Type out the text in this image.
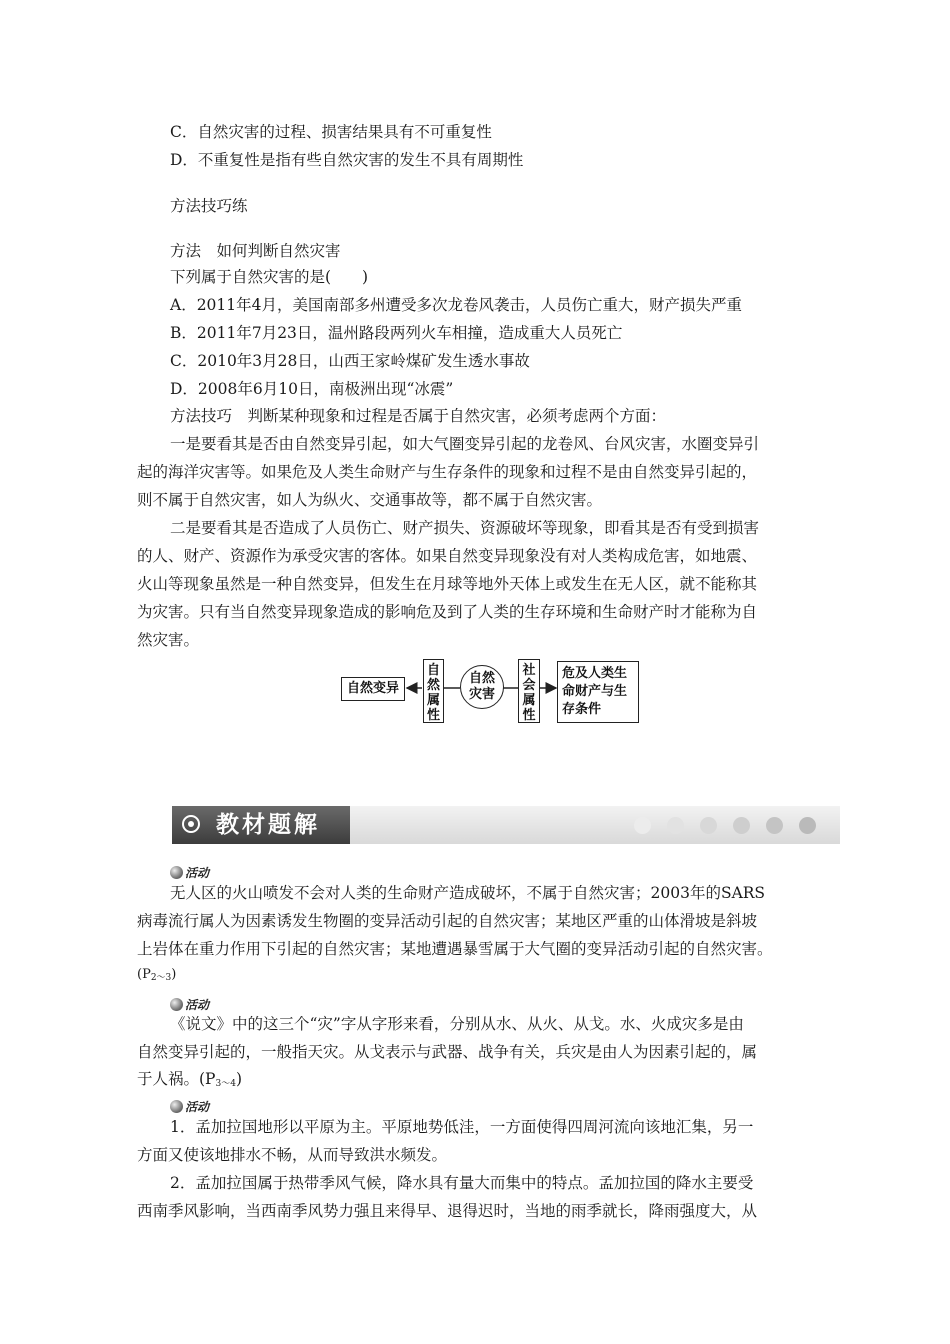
C．自然灾害的过程、损害结果具有不可重复性
D．不重复性是指有些自然灾害的发生不具有周期性
方法技巧练
方法　如何判断自然灾害
下列属于自然灾害的是(　　)
A．2011年4月，美国南部多州遭受多次龙卷风袭击，人员伤亡重大，财产损失严重
B．2011年7月23日，温州路段两列火车相撞，造成重大人员死亡
C．2010年3月28日，山西王家岭煤矿发生透水事故
D．2008年6月10日，南极洲出现“冰震”
方法技巧　判断某种现象和过程是否属于自然灾害，必须考虑两个方面：
一是要看其是否由自然变异引起，如大气圈变异引起的龙卷风、台风灾害，水圈变异引
起的海洋灾害等。如果危及人类生命财产与生存条件的现象和过程不是由自然变异引起的，
则不属于自然灾害，如人为纵火、交通事故等，都不属于自然灾害。
二是要看其是否造成了人员伤亡、财产损失、资源破坏等现象，即看其是否有受到损害
的人、财产、资源作为承受灾害的客体。如果自然变异现象没有对人类构成危害，如地震、
火山等现象虽然是一种自然变异，但发生在月球等地外天体上或发生在无人区，就不能称其
为灾害。只有当自然变异现象造成的影响危及到了人类的生存环境和生命财产时才能称为自
然灾害。
自然变异
自
然
属
性
自然
灾害
社
会
属
性
危及人类生
命财产与生
存条件
教材题解
活动
无人区的火山喷发不会对人类的生命财产造成破坏，不属于自然灾害；2003年的SARS
病毒流行属人为因素诱发生物圈的变异活动引起的自然灾害；某地区严重的山体滑坡是斜坡
上岩体在重力作用下引起的自然灾害；某地遭遇暴雪属于大气圈的变异活动引起的自然灾害。
$(P_{2\sim 3})$
活动
《说文》中的这三个“灾”字从字形来看，分别从水、从火、从戈。水、火成灾多是由
自然变异引起的，一般指天灾。从戈表示与武器、战争有关，兵灾是由人为因素引起的，属
于人祸。$(P_{3\sim 4})$
活动
1．孟加拉国地形以平原为主。平原地势低洼，一方面使得四周河流向该地汇集，另一
方面又使该地排水不畅，从而导致洪水频发。
2．孟加拉国属于热带季风气候，降水具有量大而集中的特点。孟加拉国的降水主要受
西南季风影响，当西南季风势力强且来得早、退得迟时，当地的雨季就长，降雨强度大，从
